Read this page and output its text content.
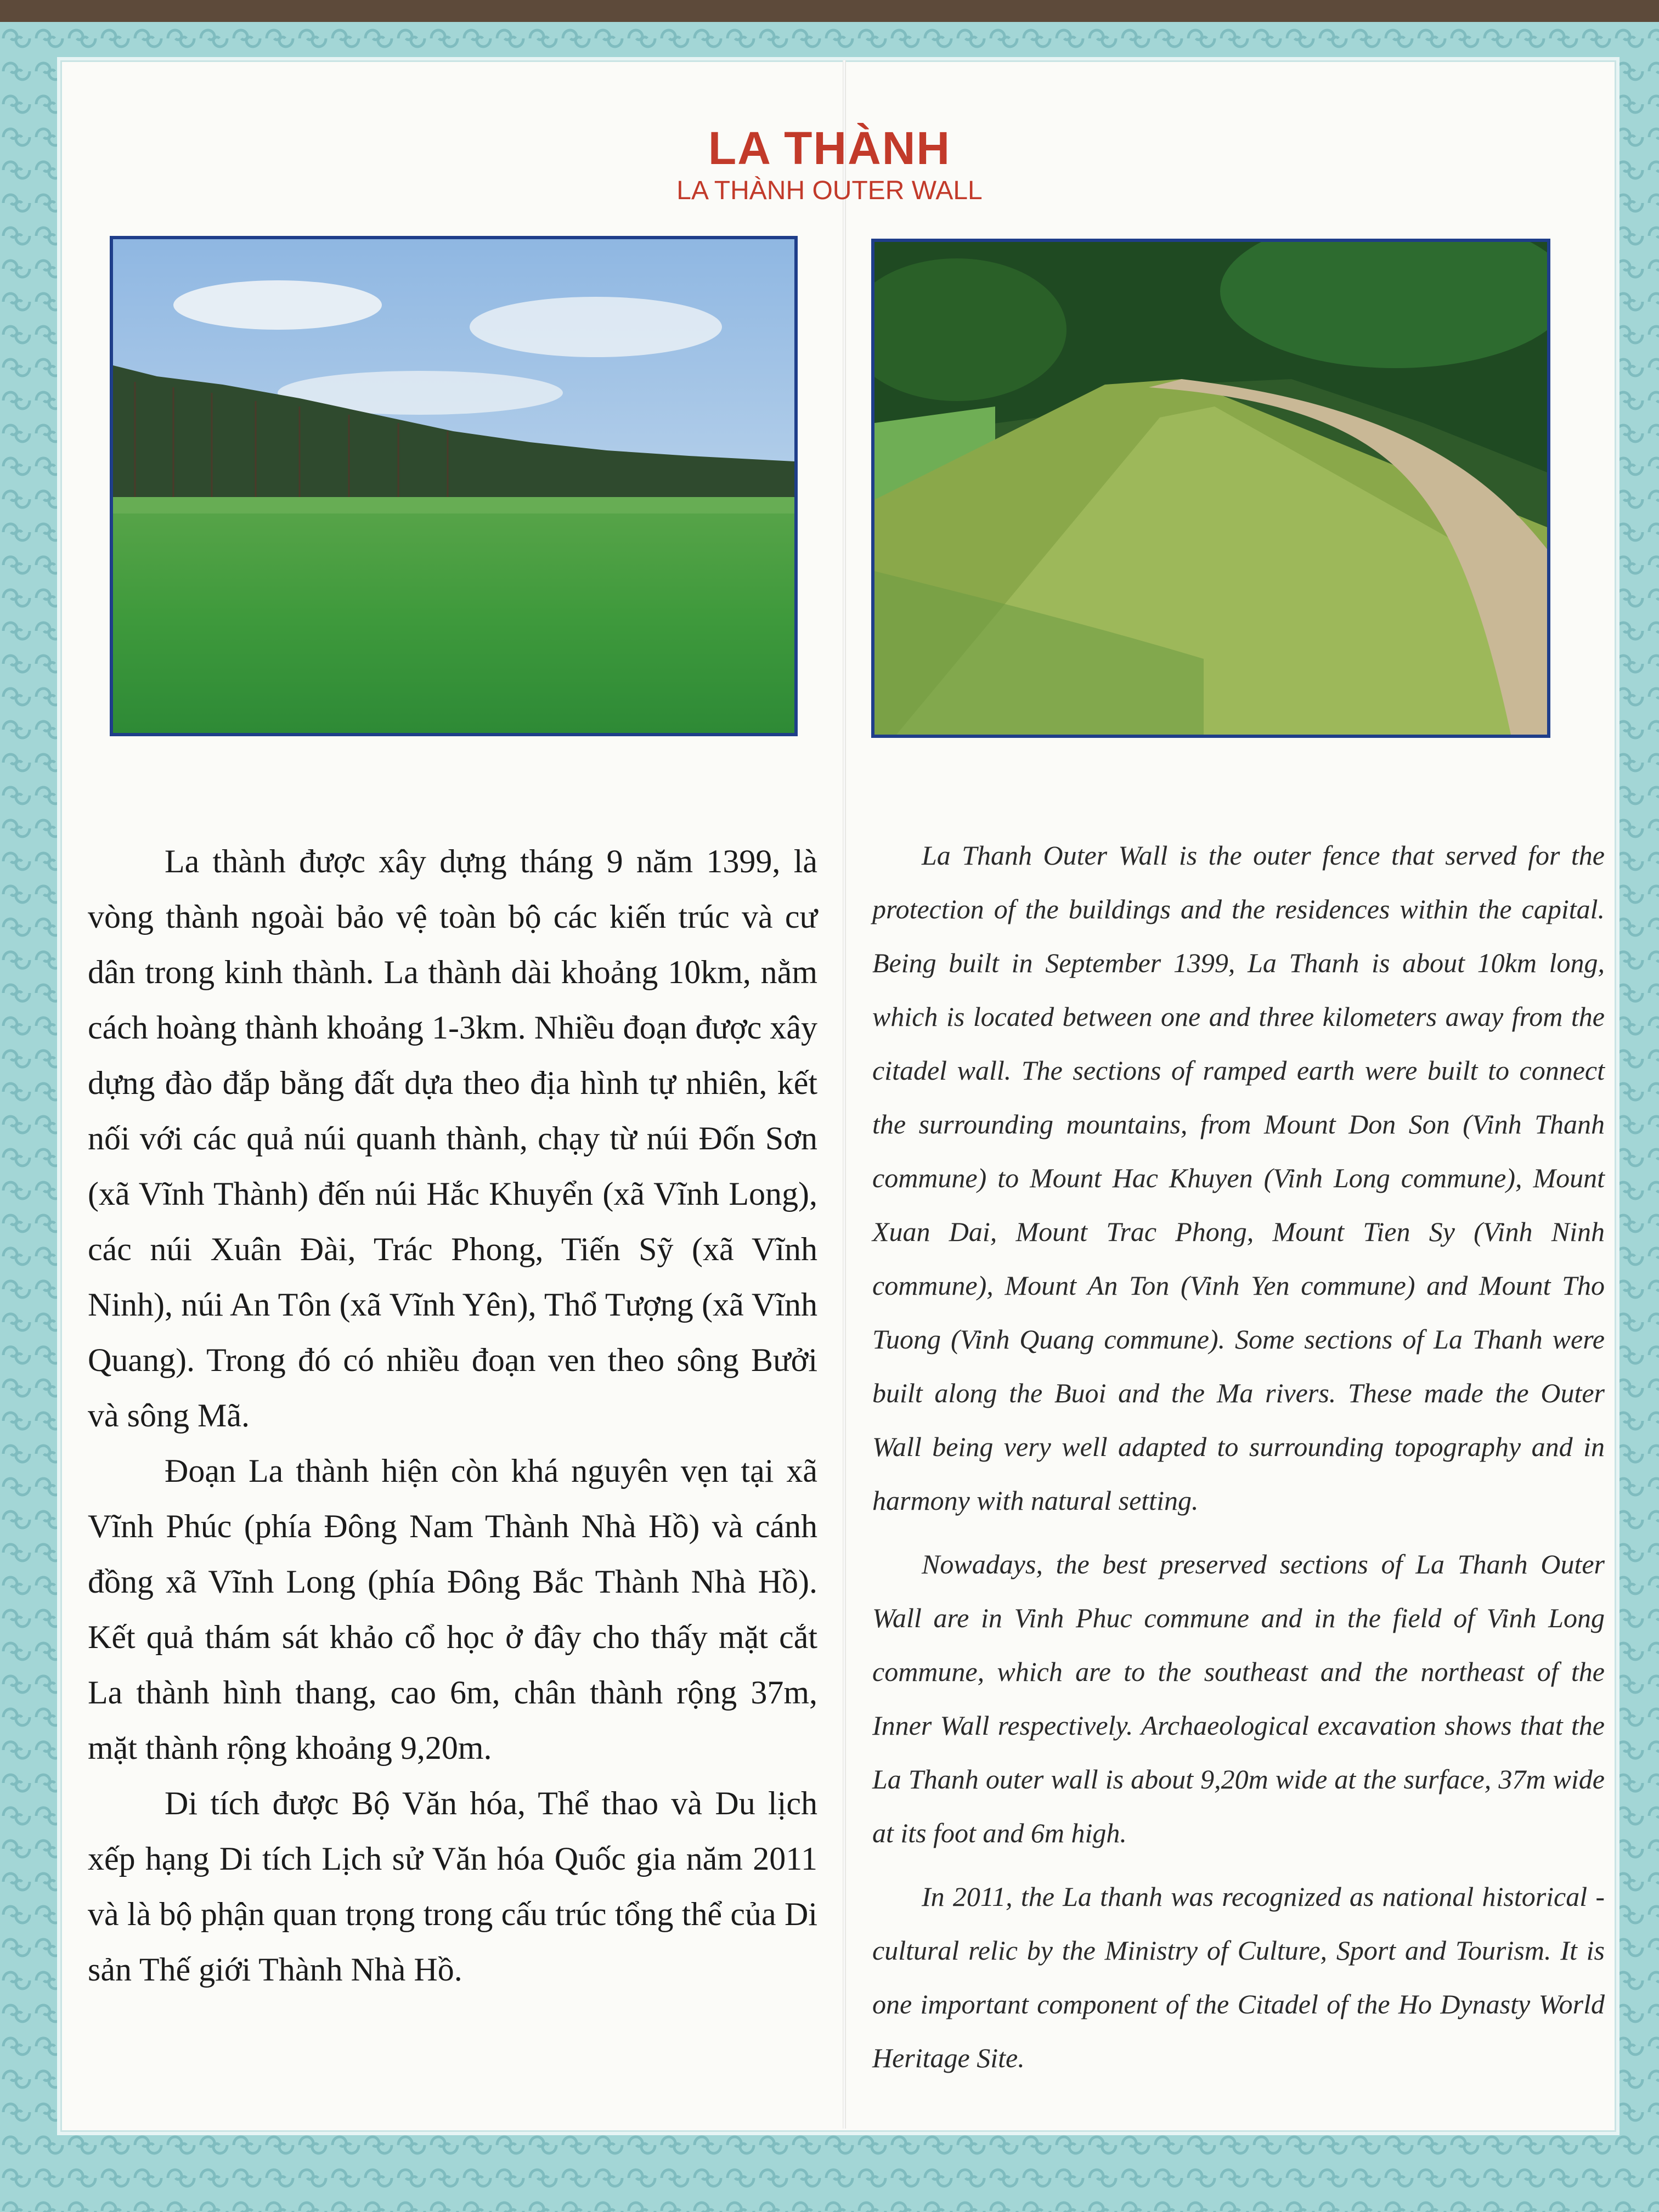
LA THÀNH
LA THÀNH OUTER WALL

La thành được xây dựng tháng 9 năm 1399, là vòng thành ngoài bảo vệ toàn bộ các kiến trúc và cư dân trong kinh thành. La thành dài khoảng 10km, nằm cách hoàng thành khoảng 1-3km. Nhiều đoạn được xây dựng đào đắp bằng đất dựa theo địa hình tự nhiên, kết nối với các quả núi quanh thành, chạy từ núi Đốn Sơn (xã Vĩnh Thành) đến núi Hắc Khuyển (xã Vĩnh Long), các núi Xuân Đài, Trác Phong, Tiến Sỹ (xã Vĩnh Ninh), núi An Tôn (xã Vĩnh Yên), Thổ Tượng (xã Vĩnh Quang). Trong đó có nhiều đoạn ven theo sông Bưởi và sông Mã.

Đoạn La thành hiện còn khá nguyên vẹn tại xã Vĩnh Phúc (phía Đông Nam Thành Nhà Hồ) và cánh đồng xã Vĩnh Long (phía Đông Bắc Thành Nhà Hồ). Kết quả thám sát khảo cổ học ở đây cho thấy mặt cắt La thành hình thang, cao 6m, chân thành rộng 37m, mặt thành rộng khoảng 9,20m.

Di tích được Bộ Văn hóa, Thể thao và Du lịch xếp hạng Di tích Lịch sử Văn hóa Quốc gia năm 2011 và là bộ phận quan trọng trong cấu trúc tổng thể của Di sản Thế giới Thành Nhà Hồ.

La Thanh Outer Wall is the outer fence that served for the protection of the buildings and the residences within the capital. Being built in September 1399, La Thanh is about 10km long, which is located between one and three kilometers away from the citadel wall. The sections of ramped earth were built to connect the surrounding mountains, from Mount Don Son (Vinh Thanh commune) to Mount Hac Khuyen (Vinh Long commune), Mount Xuan Dai, Mount Trac Phong, Mount Tien Sy (Vinh Ninh commune), Mount An Ton (Vinh Yen commune) and Mount Tho Tuong (Vinh Quang commune). Some sections of La Thanh were built along the Buoi and the Ma rivers. These made the Outer Wall being very well adapted to surrounding topography and in harmony with natural setting.

Nowadays, the best preserved sections of La Thanh Outer Wall are in Vinh Phuc commune and in the field of Vinh Long commune, which are to the southeast and the northeast of the Inner Wall respectively. Archaeological excavation shows that the La Thanh outer wall is about 9,20m wide at the surface, 37m wide at its foot and 6m high.

In 2011, the La thanh was recognized as national historical - cultural relic by the Ministry of Culture, Sport and Tourism. It is one important component of the Citadel of the Ho Dynasty World Heritage Site.
